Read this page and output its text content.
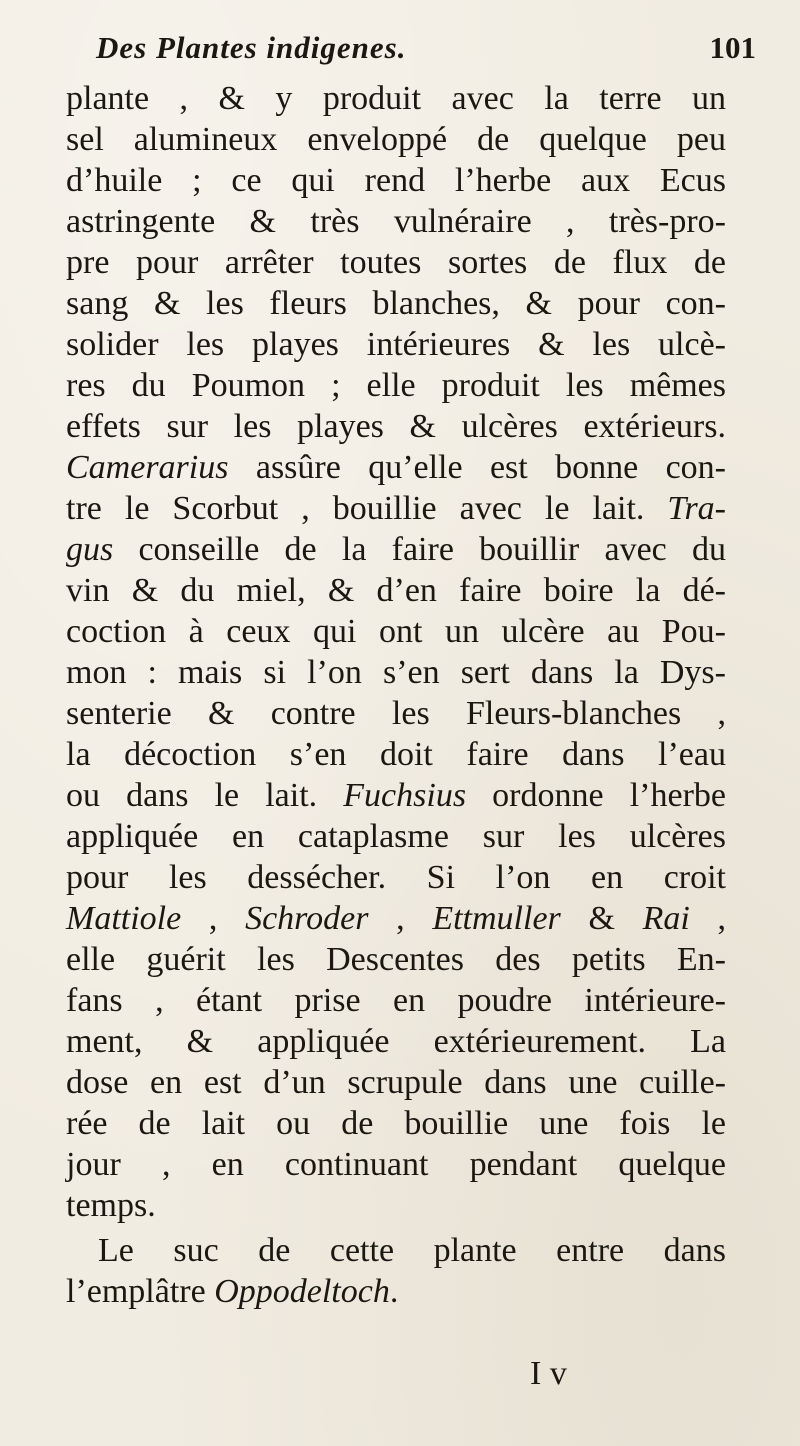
Des Plantes indigenes.	101
plante , & y produit avec la terre un
sel alumineux enveloppé de quelque peu
d’huile ; ce qui rend l’herbe aux Ecus
astringente & très vulnéraire , très-pro-
pre pour arrêter toutes sortes de flux de
sang & les fleurs blanches, & pour con-
solider les playes intérieures & les ulcè-
res du Poumon ; elle produit les mêmes
effets sur les playes & ulcères extérieurs.
Camerarius assûre qu’elle est bonne con-
tre le Scorbut , bouillie avec le lait. Tra-
gus conseille de la faire bouillir avec du
vin & du miel, & d’en faire boire la dé-
coction à ceux qui ont un ulcère au Pou-
mon : mais si l’on s’en sert dans la Dys-
senterie & contre les Fleurs-blanches ,
la décoction s’en doit faire dans l’eau
ou dans le lait. Fuchsius ordonne l’herbe
appliquée en cataplasme sur les ulcères
pour les dessécher. Si l’on en croit
Mattiole , Schroder , Ettmuller & Rai ,
elle guérit les Descentes des petits En-
fans , étant prise en poudre intérieure-
ment, & appliquée extérieurement. La
dose en est d’un scrupule dans une cuille-
rée de lait ou de bouillie une fois le
jour , en continuant pendant quelque
temps.
Le suc de cette plante entre dans
l’emplâtre Oppodeltoch.
I v
